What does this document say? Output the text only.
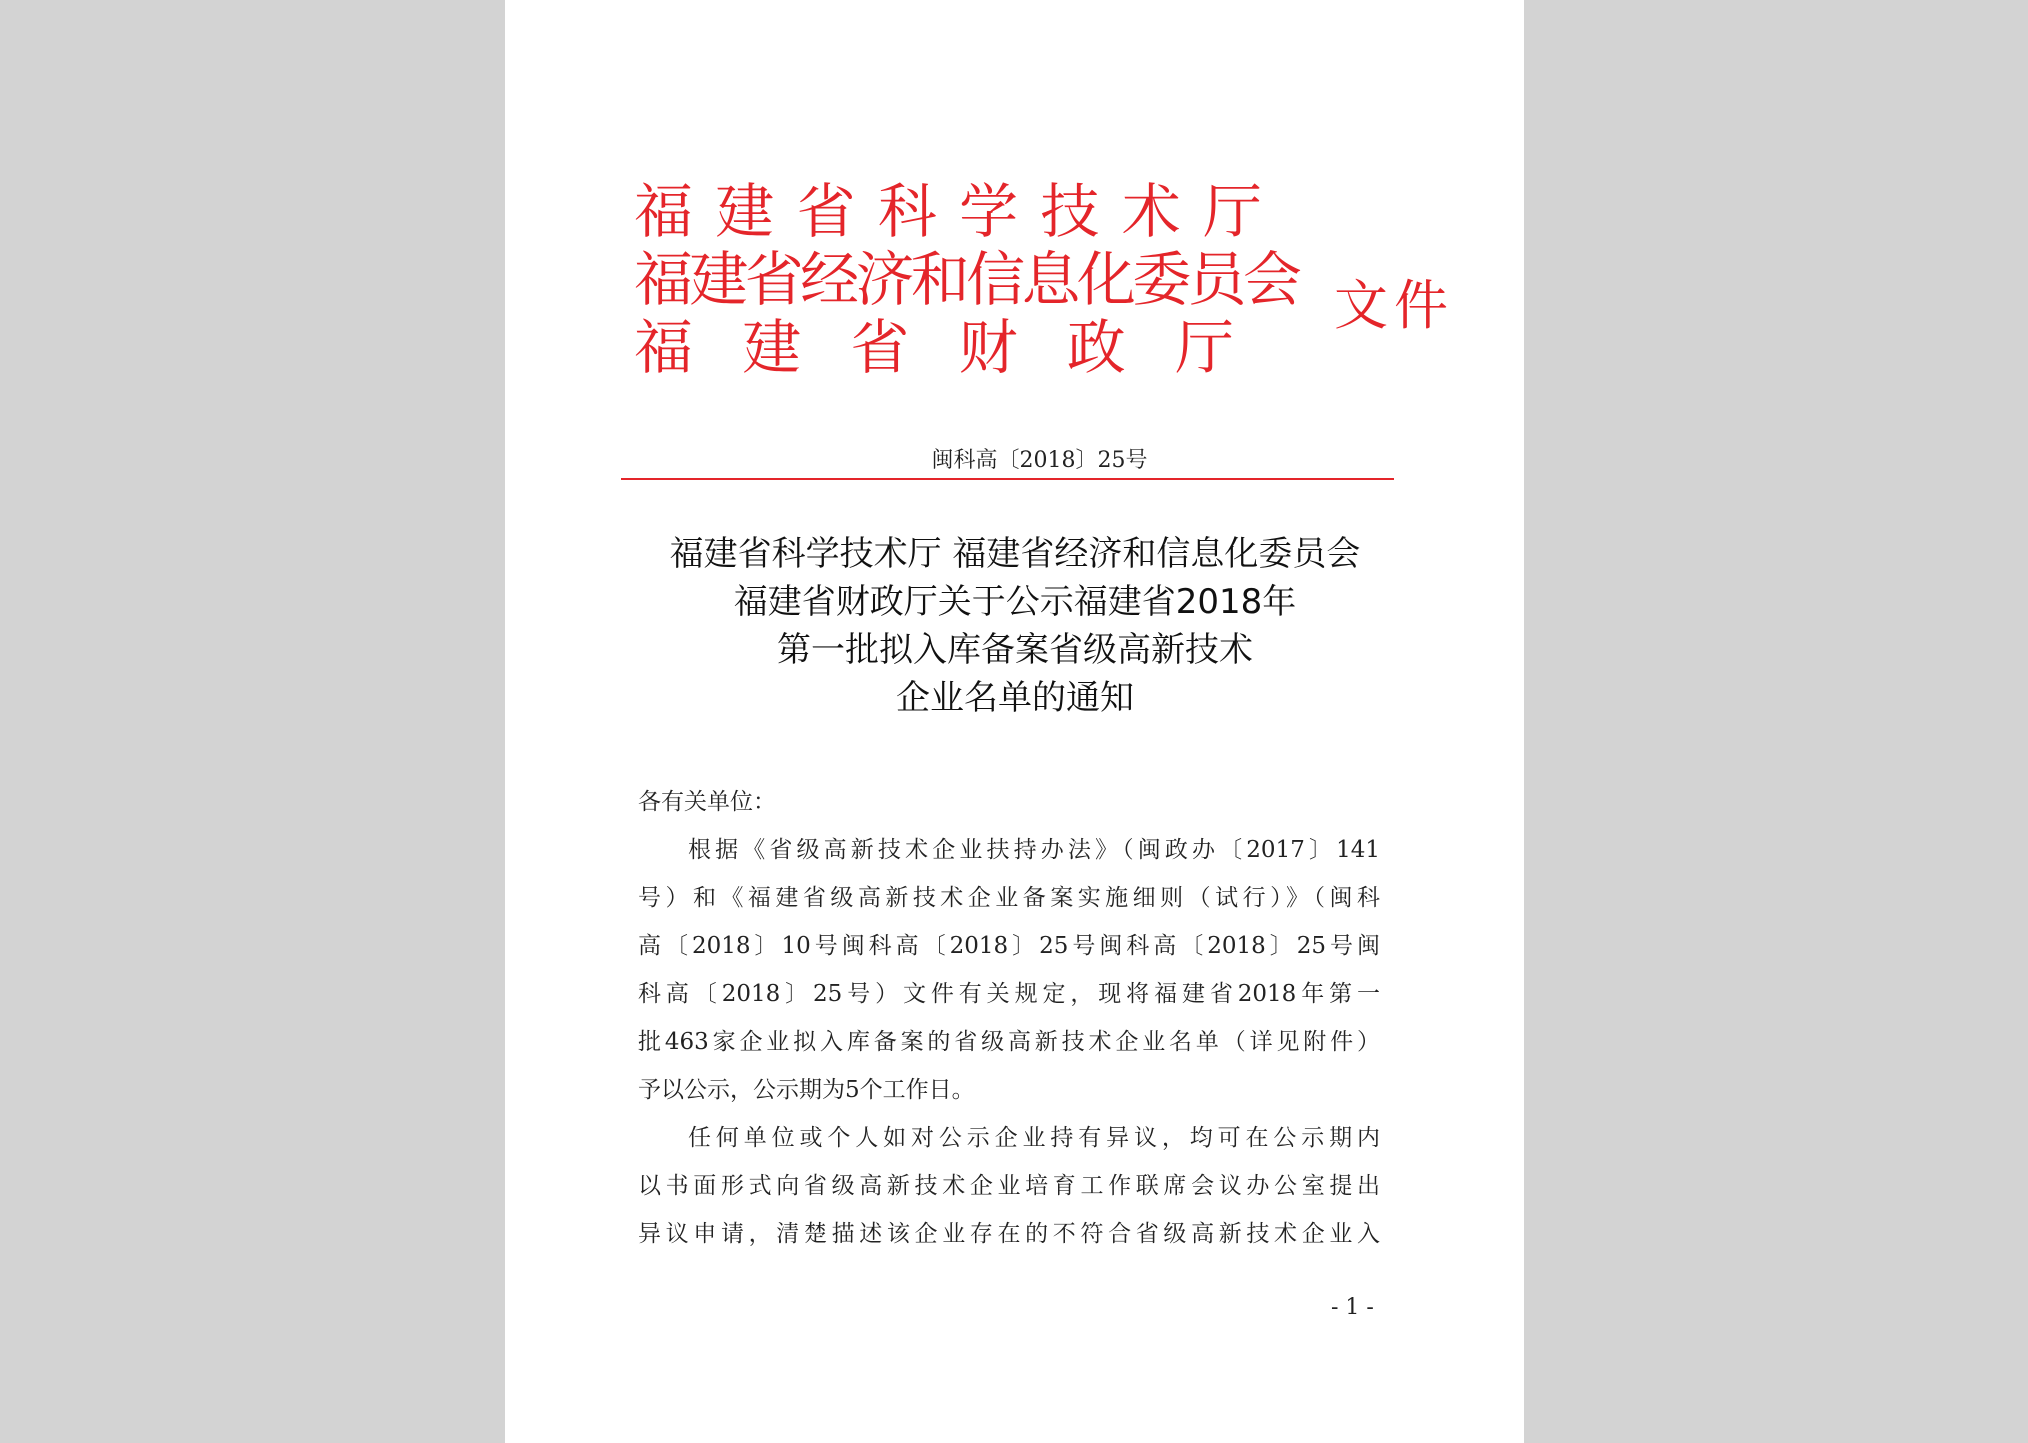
福 建 省 科 学 技 术 厅
福 建 省 经 济 和 信 息 化 委 员 会
福 建 省 财 政 厅
文件
闽科高〔2018〕25号
福建省科学技术厅 福建省经济和信息化委员会
福建省财政厅关于公示福建省2018年
第一批拟入库备案省级高新技术
企业名单的通知
各有关单位：
根据《省级高新技术企业扶持办法》（闽政办〔2017〕141
号）和《福建省级高新技术企业备案实施细则（试行）》（闽科
高〔2018〕10号闽科高〔2018〕25号闽科高〔2018〕25号闽
科高〔2018〕25号）文件有关规定，现将福建省2018年第一
批463家企业拟入库备案的省级高新技术企业名单（详见附件）
予以公示，公示期为5个工作日。
任何单位或个人如对公示企业持有异议，均可在公示期内
以书面形式向省级高新技术企业培育工作联席会议办公室提出
异议申请，清楚描述该企业存在的不符合省级高新技术企业入
- 1 -
